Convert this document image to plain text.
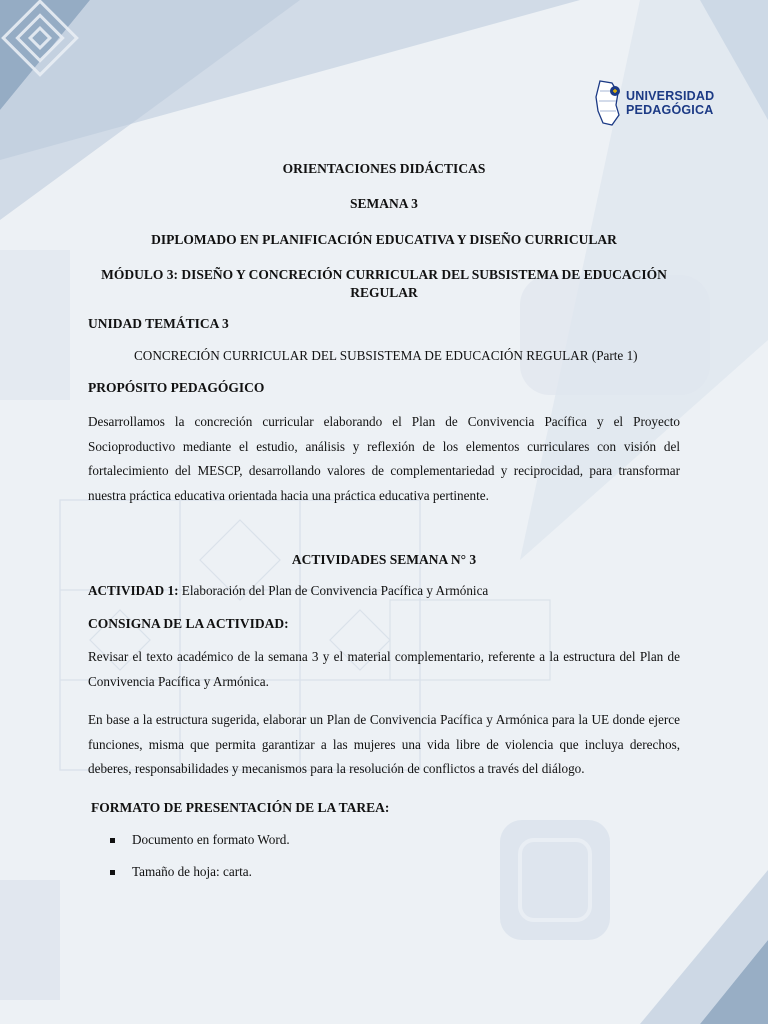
UNIVERSIDAD
PEDAGÓGICA
ORIENTACIONES DIDÁCTICAS
SEMANA 3
DIPLOMADO EN PLANIFICACIÓN EDUCATIVA Y DISEÑO CURRICULAR
MÓDULO 3: DISEÑO Y CONCRECIÓN CURRICULAR DEL SUBSISTEMA DE EDUCACIÓN
REGULAR
UNIDAD TEMÁTICA 3
CONCRECIÓN CURRICULAR DEL SUBSISTEMA DE EDUCACIÓN REGULAR (Parte 1)
PROPÓSITO PEDAGÓGICO
Desarrollamos la concreción curricular elaborando el Plan de Convivencia Pacífica y el Proyecto Socioproductivo mediante el estudio, análisis y reflexión de los elementos curriculares con visión del fortalecimiento del MESCP, desarrollando valores de complementariedad y reciprocidad, para transformar nuestra práctica educativa orientada hacia una práctica educativa pertinente.
ACTIVIDADES SEMANA N° 3
ACTIVIDAD 1: Elaboración del Plan de Convivencia Pacífica y Armónica
CONSIGNA DE LA ACTIVIDAD:
Revisar el texto académico de la semana 3 y el material complementario, referente a la estructura del Plan de Convivencia Pacífica y Armónica.
En base a la estructura sugerida, elaborar un Plan de Convivencia Pacífica y Armónica para la UE donde ejerce funciones, misma que permita garantizar a las mujeres una vida libre de violencia que incluya derechos, deberes, responsabilidades y mecanismos para la resolución de conflictos a través del diálogo.
FORMATO DE PRESENTACIÓN DE LA TAREA:
Documento en formato Word.
Tamaño de hoja: carta.
